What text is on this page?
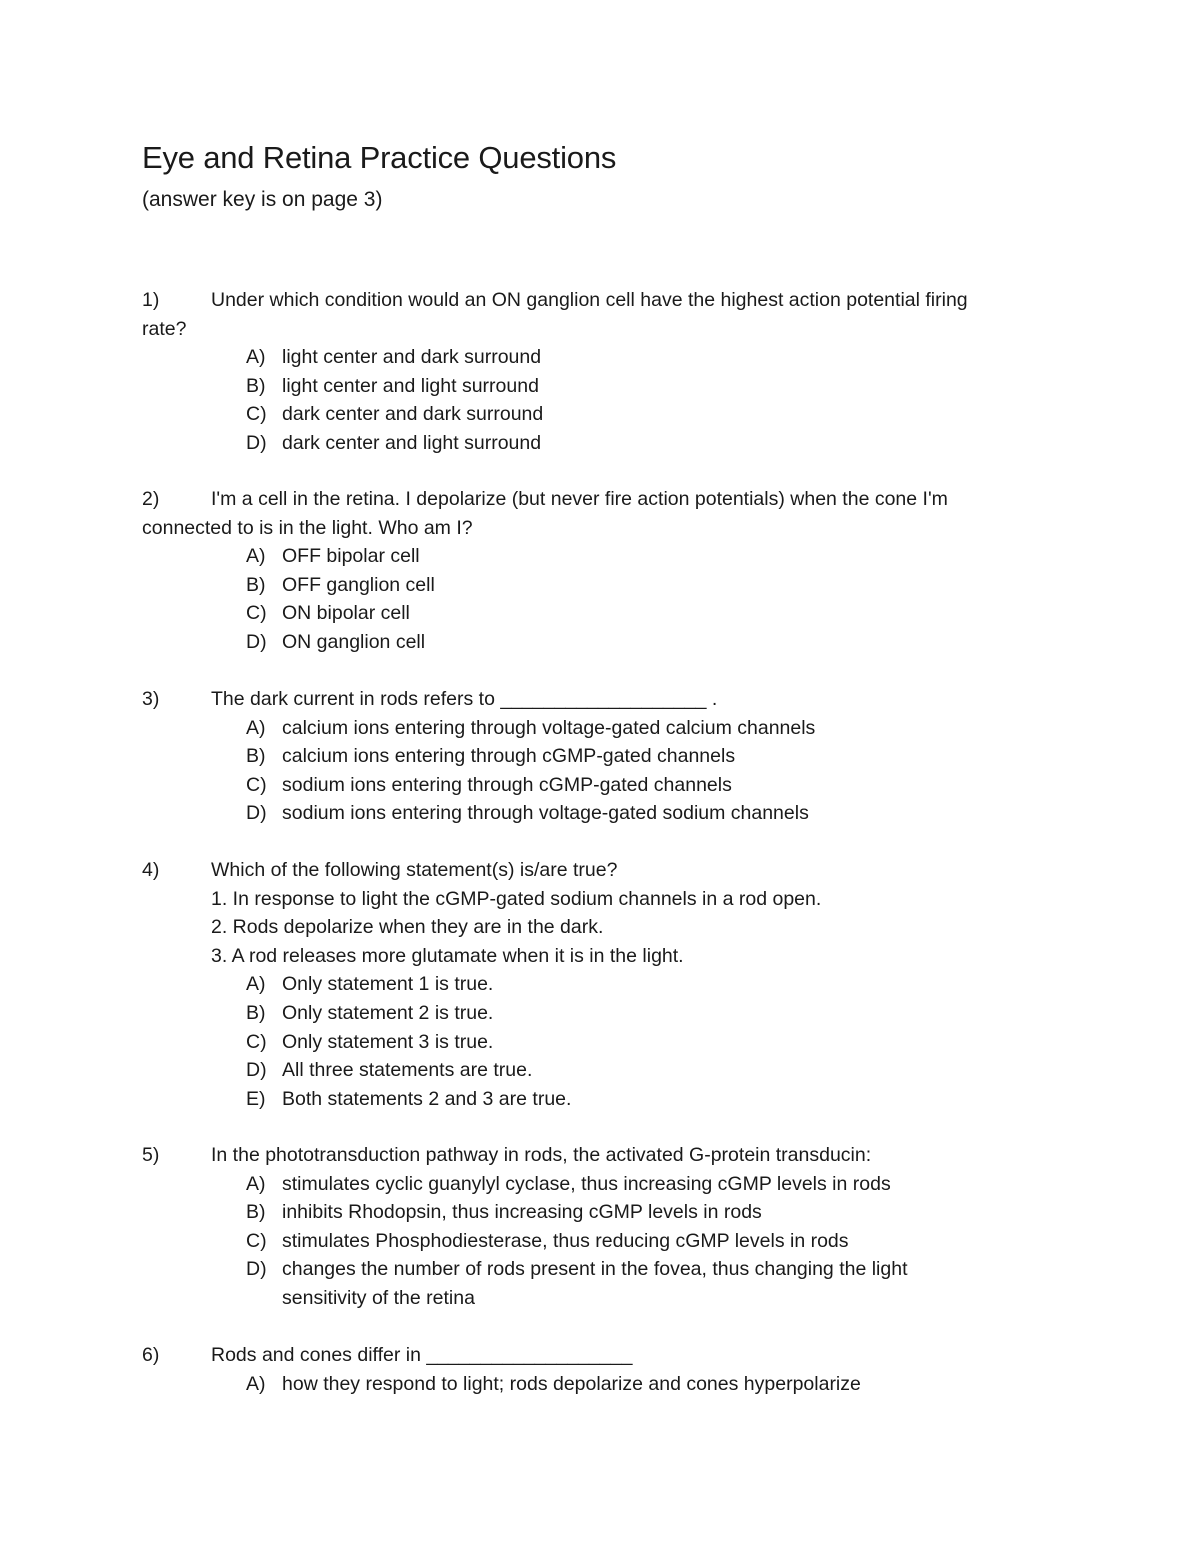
Eye and Retina Practice Questions

(answer key is on page 3)

1)	Under which condition would an ON ganglion cell have the highest action potential firing
rate?
A) light center and dark surround
B) light center and light surround
C) dark center and dark surround
D) dark center and light surround
2)	I'm a cell in the retina. I depolarize (but never fire action potentials) when the cone I'm
connected to is in the light. Who am I?
A) OFF bipolar cell
B) OFF ganglion cell
C) ON bipolar cell
D) ON ganglion cell
3)	The dark current in rods refers to ___________________ .
A) calcium ions entering through voltage-gated calcium channels
B) calcium ions entering through cGMP-gated channels
C) sodium ions entering through cGMP-gated channels
D) sodium ions entering through voltage-gated sodium channels
4)	Which of the following statement(s) is/are true?
1. In response to light the cGMP-gated sodium channels in a rod open.
2. Rods depolarize when they are in the dark.
3. A rod releases more glutamate when it is in the light.
A) Only statement 1 is true.
B) Only statement 2 is true.
C) Only statement 3 is true.
D) All three statements are true.
E) Both statements 2 and 3 are true.
5)	In the phototransduction pathway in rods, the activated G-protein transducin:
A) stimulates cyclic guanylyl cyclase, thus increasing cGMP levels in rods
B) inhibits Rhodopsin, thus increasing cGMP levels in rods
C) stimulates Phosphodiesterase, thus reducing cGMP levels in rods
D) changes the number of rods present in the fovea, thus changing the light sensitivity of the retina
6)	Rods and cones differ in ___________________
A) how they respond to light; rods depolarize and cones hyperpolarize
